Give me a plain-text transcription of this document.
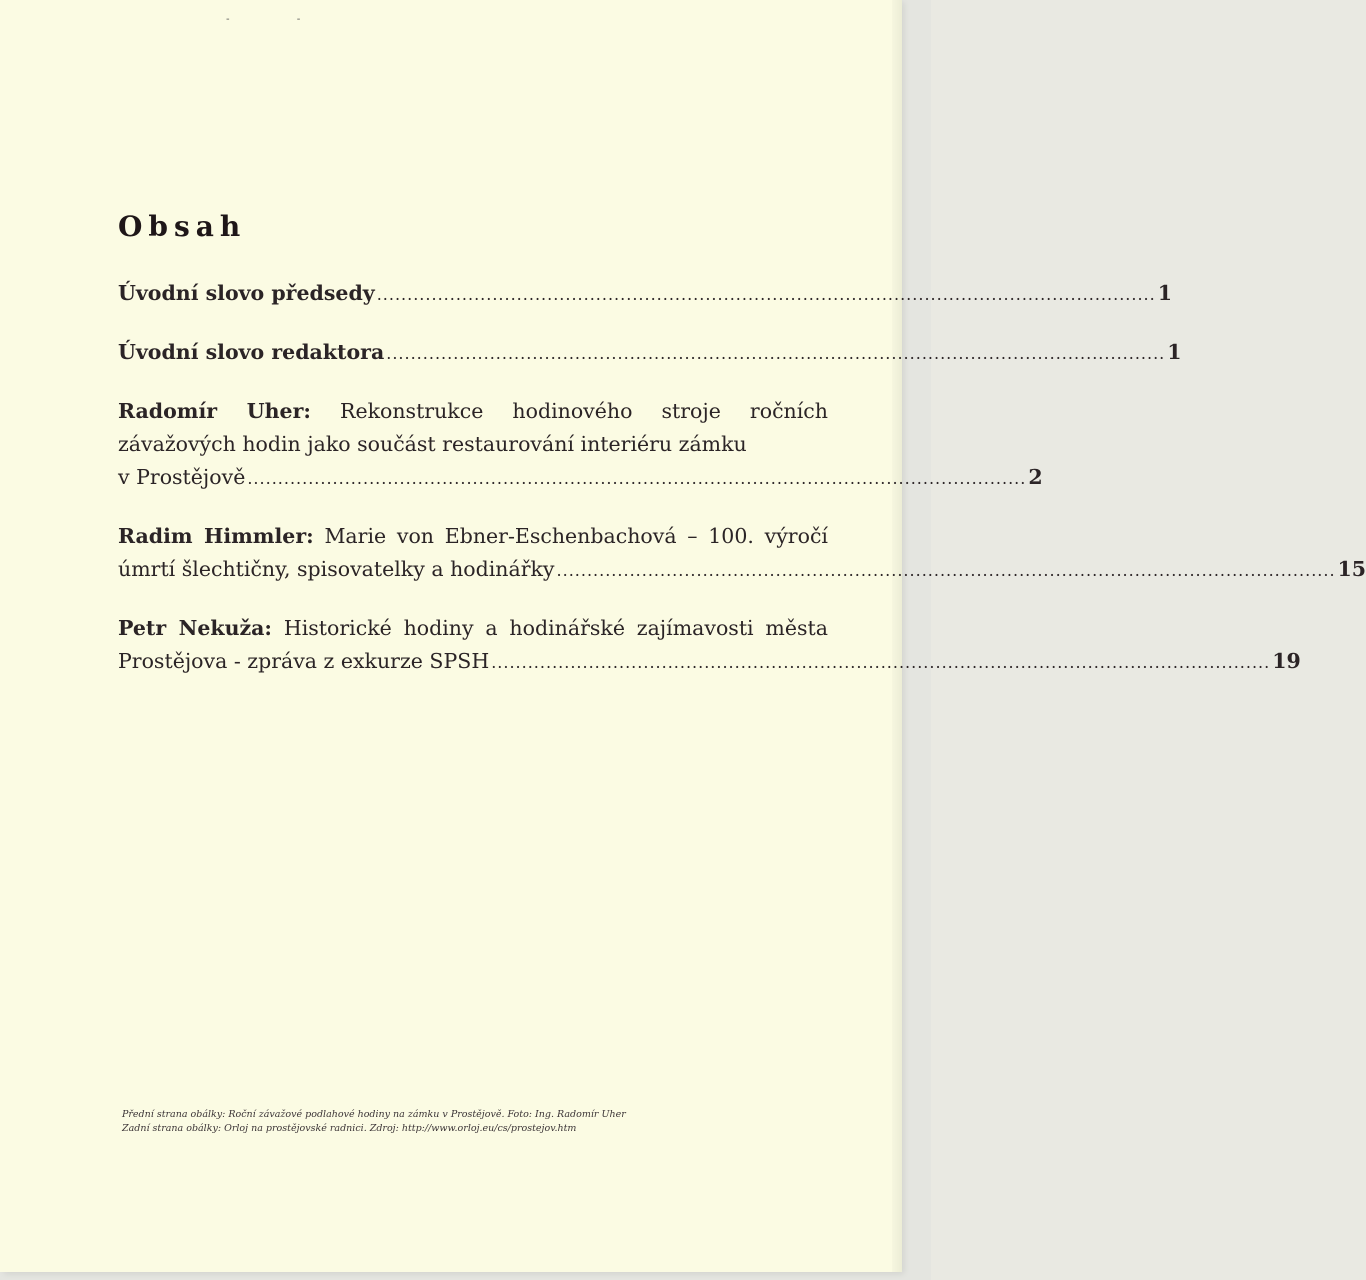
- -
Obsah
Úvodní slovo předsedy ................................................................................................................................ 1
Úvodní slovo redaktora ................................................................................................................................ 1
Radomír Uher: Rekonstrukce hodinového stroje ročních závažových hodin jako součást restaurování interiéru zámku
v Prostějově ................................................................................................................................ 2
Radim Himmler: Marie von Ebner-Eschenbachová – 100. výročí
úmrtí šlechtičny, spisovatelky a hodinářky ................................................................................................................................ 15
Petr Nekuža: Historické hodiny a hodinářské zajímavosti města
Prostějova - zpráva z exkurze SPSH ................................................................................................................................ 19
Přední strana obálky: Roční závažové podlahové hodiny na zámku v Prostějově. Foto: Ing. Radomír Uher
Zadní strana obálky: Orloj na prostějovské radnici. Zdroj: http://www.orloj.eu/cs/prostejov.htm
